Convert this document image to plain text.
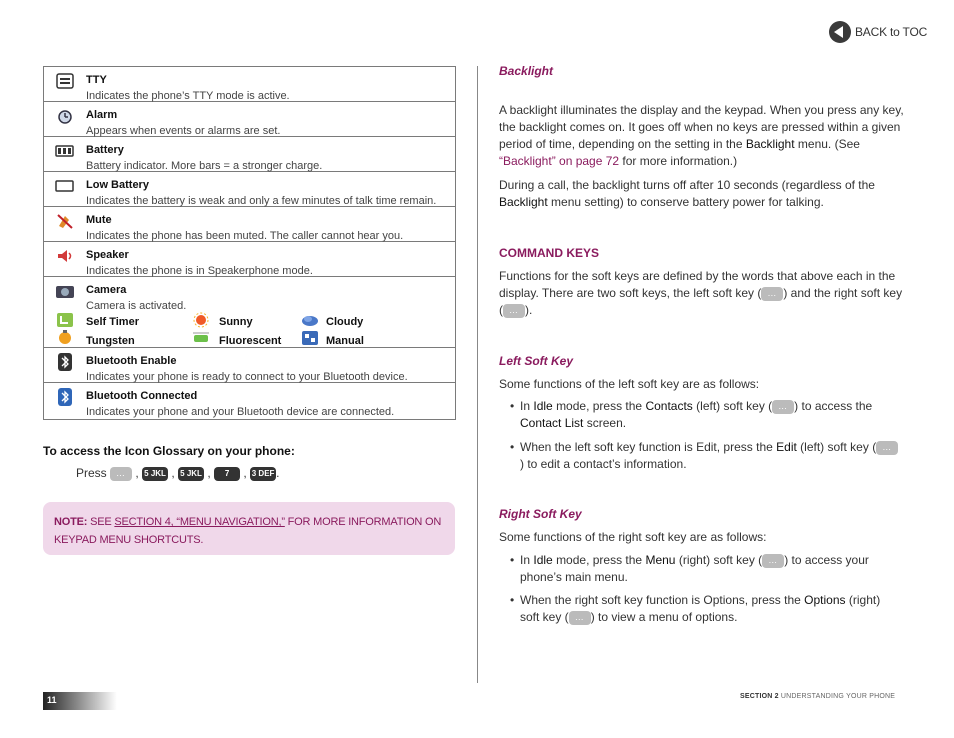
BACK to TOC
TTY
Indicates the phone’s TTY mode is active.
Alarm
Appears when events or alarms are set.
Battery
Battery indicator. More bars = a stronger charge.
Low Battery
Indicates the battery is weak and only a few minutes of talk time remain.
Mute
Indicates the phone has been muted. The caller cannot hear you.
Speaker
Indicates the phone is in Speakerphone mode.
Camera
Camera is activated.
Self Timer	Sunny	Cloudy
Tungsten	Fluorescent	Manual
Bluetooth Enable
Indicates your phone is ready to connect to your Bluetooth device.
Bluetooth Connected
Indicates your phone and your Bluetooth device are connected.
To access the Icon Glossary on your phone:
Press … , 5 JKL , 5 JKL , 7 PQRS , 3 DEF .
NOTE: SEE SECTION 4, “MENU NAVIGATION,” FOR MORE INFORMATION ON KEYPAD MENU SHORTCUTS.
Backlight
A backlight illuminates the display and the keypad. When you press any key, the backlight comes on. It goes off when no keys are pressed within a given period of time, depending on the setting in the Backlight menu. (See “Backlight” on page 72 for more information.)
During a call, the backlight turns off after 10 seconds (regardless of the Backlight menu setting) to conserve battery power for talking.
COMMAND KEYS
Functions for the soft keys are defined by the words that above each in the display. There are two soft keys, the left soft key ( … ) and the right soft key ( … ).
Left Soft Key
Some functions of the left soft key are as follows:
• In Idle mode, press the Contacts (left) soft key ( … ) to access the Contact List screen.
• When the left soft key function is Edit, press the Edit (left) soft key (…) to edit a contact’s information.
Right Soft Key
Some functions of the right soft key are as follows:
• In Idle mode, press the Menu (right) soft key ( … ) to access your phone’s main menu.
• When the right soft key function is Options, press the Options (right) soft key ( … ) to view a menu of options.
11	SECTION 2 UNDERSTANDING YOUR PHONE
